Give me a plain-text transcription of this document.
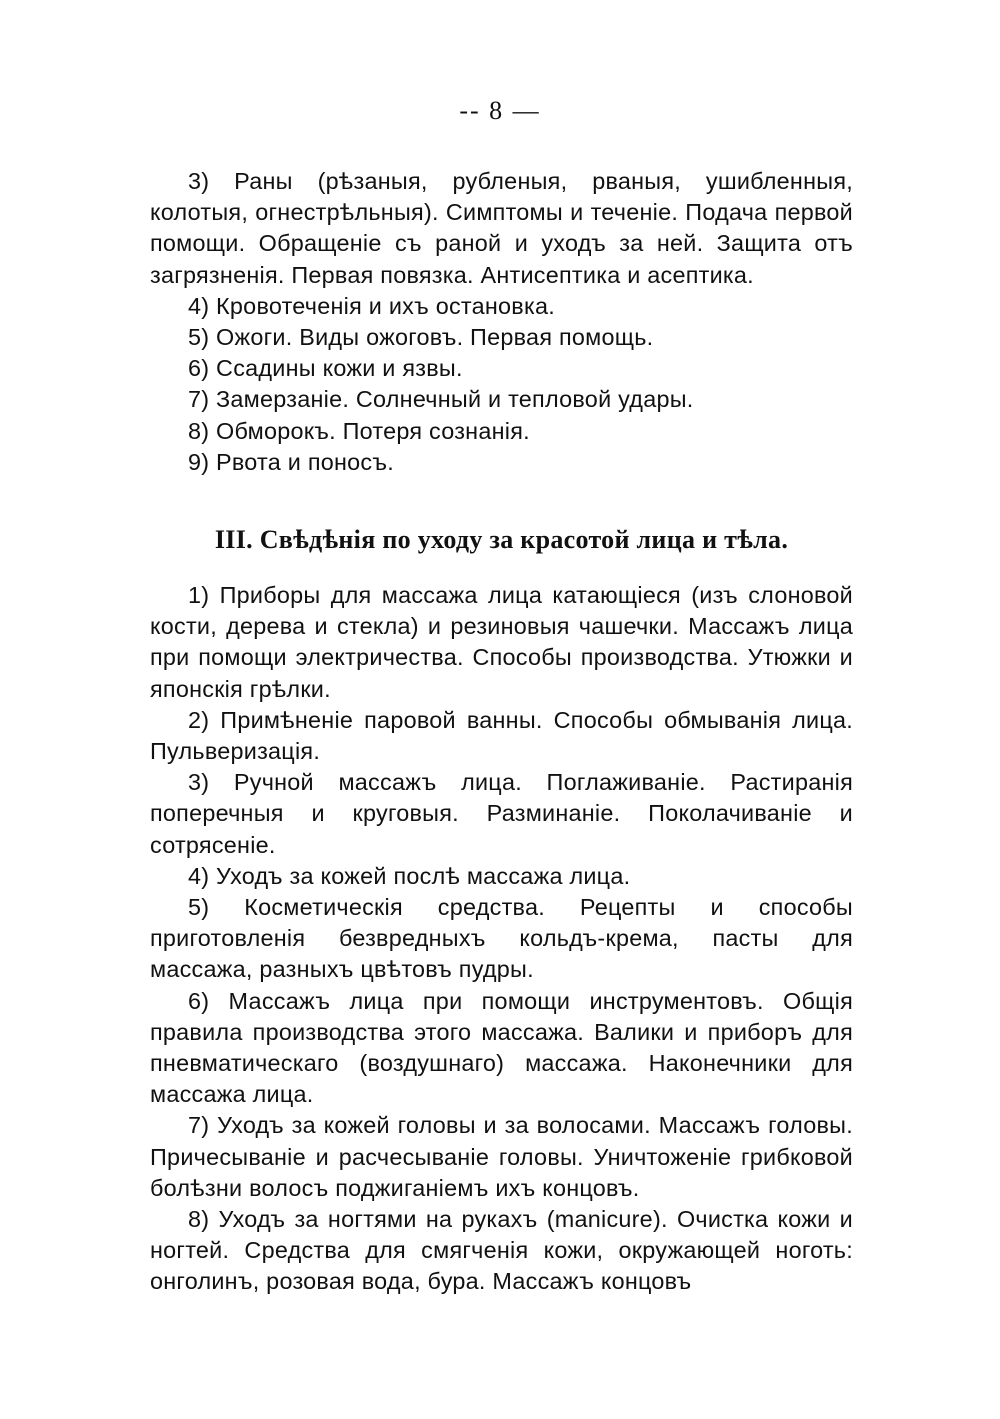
-- 8 —

3) Раны (рѣзаныя, рубленыя, рваныя, ушибленныя, колотыя, огнестрѣльныя). Симптомы и теченіе. Подача первой помощи. Обращеніе съ раной и уходъ за ней. Защита отъ загрязненія. Первая повязка. Антисептика и асептика.

4) Кровотеченія и ихъ остановка.

5) Ожоги. Виды ожоговъ. Первая помощь.

6) Ссадины кожи и язвы.

7) Замерзаніе. Солнечный и тепловой удары.

8) Обморокъ. Потеря сознанія.

9) Рвота и поносъ.

III. Свѣдѣнія по уходу за красотой лица и тѣла.

1) Приборы для массажа лица катающіеся (изъ слоновой кости, дерева и стекла) и резиновыя чашечки. Массажъ лица при помощи электричества. Способы производства. Утюжки и японскія грѣлки.

2) Примѣненіе паровой ванны. Способы обмыванія лица. Пульверизація.

3) Ручной массажъ лица. Поглаживаніе. Растиранія поперечныя и круговыя. Разминаніе. Поколачиваніе и сотрясеніе.

4) Уходъ за кожей послѣ массажа лица.

5) Косметическія средства. Рецепты и способы приготовленія безвредныхъ кольдъ-крема, пасты для массажа, разныхъ цвѣтовъ пудры.

6) Массажъ лица при помощи инструментовъ. Общія правила производства этого массажа. Валики и приборъ для пневматическаго (воздушнаго) массажа. Наконечники для массажа лица.

7) Уходъ за кожей головы и за волосами. Массажъ головы. Причесываніе и расчесываніе головы. Уничтоженіе грибковой болѣзни волосъ поджиганіемъ ихъ концовъ.

8) Уходъ за ногтями на рукахъ (manicure). Очистка кожи и ногтей. Средства для смягченія кожи, окружающей ноготь: онголинъ, розовая вода, бура. Массажъ концовъ
